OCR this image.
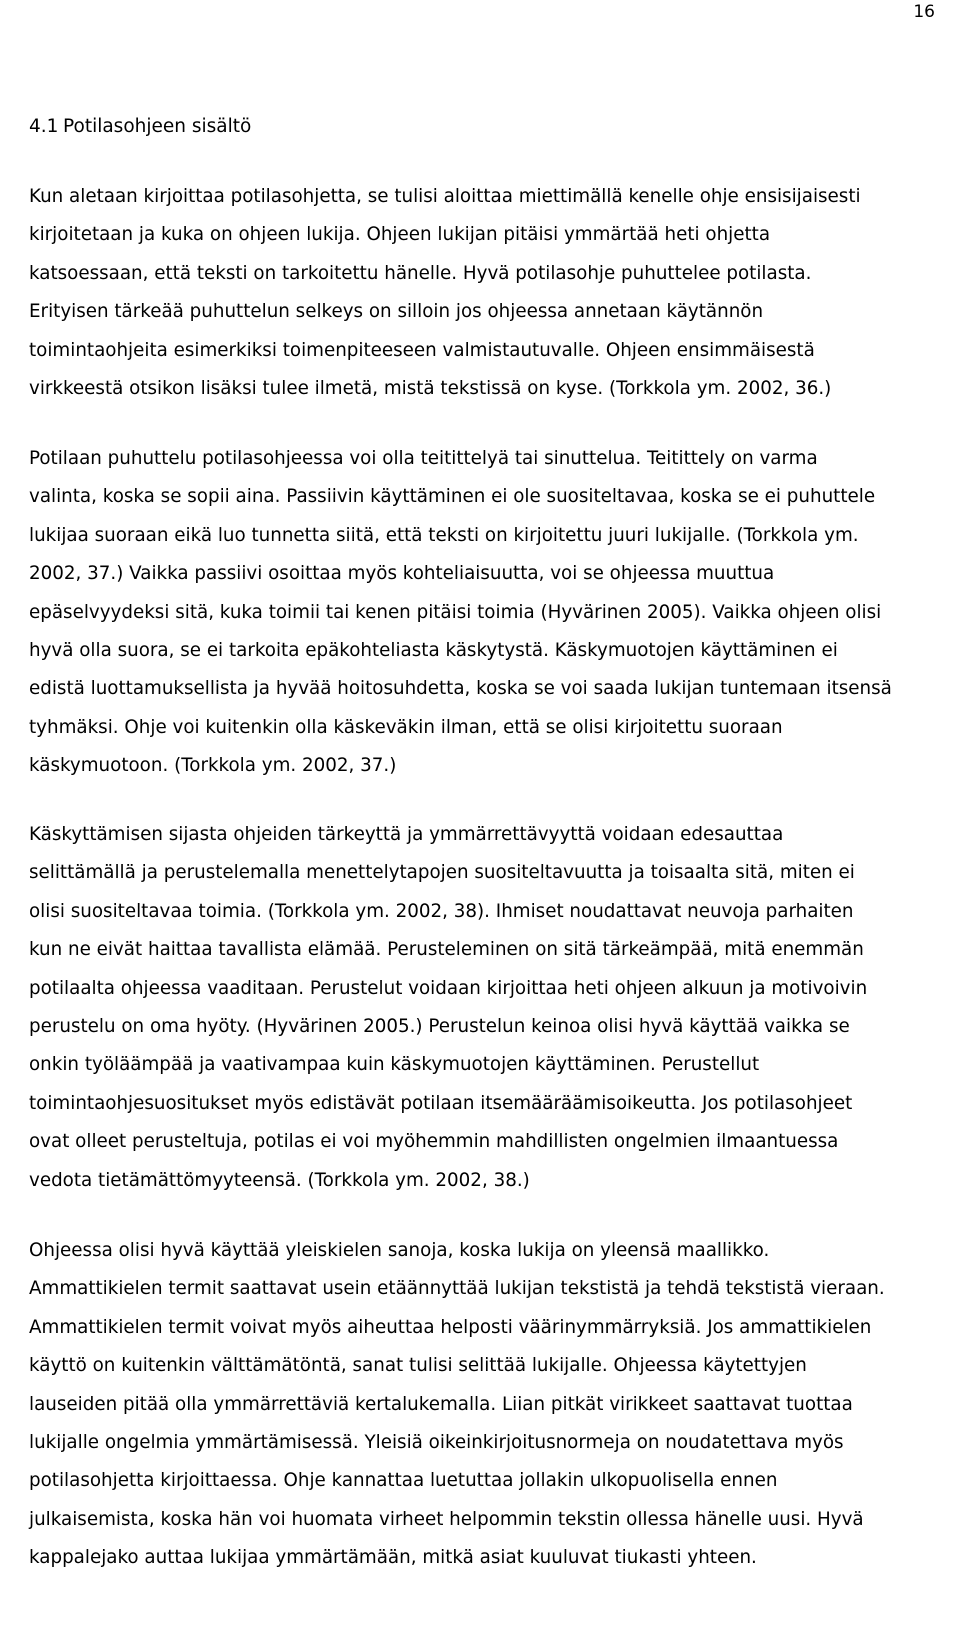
16
4.1 Potilasohjeen sisältö
Kun aletaan kirjoittaa potilasohjetta, se tulisi aloittaa miettimällä kenelle ohje ensisijaisesti
kirjoitetaan ja kuka on ohjeen lukija. Ohjeen lukijan pitäisi ymmärtää heti ohjetta
katsoessaan, että teksti on tarkoitettu hänelle. Hyvä potilasohje puhuttelee potilasta.
Erityisen tärkeää puhuttelun selkeys on silloin jos ohjeessa annetaan käytännön
toimintaohjeita esimerkiksi toimenpiteeseen valmistautuvalle. Ohjeen ensimmäisestä
virkkeestä otsikon lisäksi tulee ilmetä, mistä tekstissä on kyse. (Torkkola ym. 2002, 36.)
Potilaan puhuttelu potilasohjeessa voi olla teitittelyä tai sinuttelua. Teitittely on varma
valinta, koska se sopii aina. Passiivin käyttäminen ei ole suositeltavaa, koska se ei puhuttele
lukijaa suoraan eikä luo tunnetta siitä, että teksti on kirjoitettu juuri lukijalle. (Torkkola ym.
2002, 37.) Vaikka passiivi osoittaa myös kohteliaisuutta, voi se ohjeessa muuttua
epäselvyydeksi sitä, kuka toimii tai kenen pitäisi toimia (Hyvärinen 2005). Vaikka ohjeen olisi
hyvä olla suora, se ei tarkoita epäkohteliasta käskytystä. Käskymuotojen käyttäminen ei
edistä luottamuksellista ja hyvää hoitosuhdetta, koska se voi saada lukijan tuntemaan itsensä
tyhmäksi. Ohje voi kuitenkin olla käskeväkin ilman, että se olisi kirjoitettu suoraan
käskymuotoon. (Torkkola ym. 2002, 37.)
Käskyttämisen sijasta ohjeiden tärkeyttä ja ymmärrettävyyttä voidaan edesauttaa
selittämällä ja perustelemalla menettelytapojen suositeltavuutta ja toisaalta sitä, miten ei
olisi suositeltavaa toimia. (Torkkola ym. 2002, 38). Ihmiset noudattavat neuvoja parhaiten
kun ne eivät haittaa tavallista elämää. Perusteleminen on sitä tärkeämpää, mitä enemmän
potilaalta ohjeessa vaaditaan. Perustelut voidaan kirjoittaa heti ohjeen alkuun ja motivoivin
perustelu on oma hyöty. (Hyvärinen 2005.) Perustelun keinoa olisi hyvä käyttää vaikka se
onkin työläämpää ja vaativampaa kuin käskymuotojen käyttäminen. Perustellut
toimintaohjesuositukset myös edistävät potilaan itsemääräämisoikeutta. Jos potilasohjeet
ovat olleet perusteltuja, potilas ei voi myöhemmin mahdillisten ongelmien ilmaantuessa
vedota tietämättömyyteensä. (Torkkola ym. 2002, 38.)
Ohjeessa olisi hyvä käyttää yleiskielen sanoja, koska lukija on yleensä maallikko.
Ammattikielen termit saattavat usein etäännyttää lukijan tekstistä ja tehdä tekstistä vieraan.
Ammattikielen termit voivat myös aiheuttaa helposti väärinymmärryksiä. Jos ammattikielen
käyttö on kuitenkin välttämätöntä, sanat tulisi selittää lukijalle. Ohjeessa käytettyjen
lauseiden pitää olla ymmärrettäviä kertalukemalla. Liian pitkät virikkeet saattavat tuottaa
lukijalle ongelmia ymmärtämisessä. Yleisiä oikeinkirjoitusnormeja on noudatettava myös
potilasohjetta kirjoittaessa. Ohje kannattaa luetuttaa jollakin ulkopuolisella ennen
julkaisemista, koska hän voi huomata virheet helpommin tekstin ollessa hänelle uusi. Hyvä
kappalejako auttaa lukijaa ymmärtämään, mitkä asiat kuuluvat tiukasti yhteen.
